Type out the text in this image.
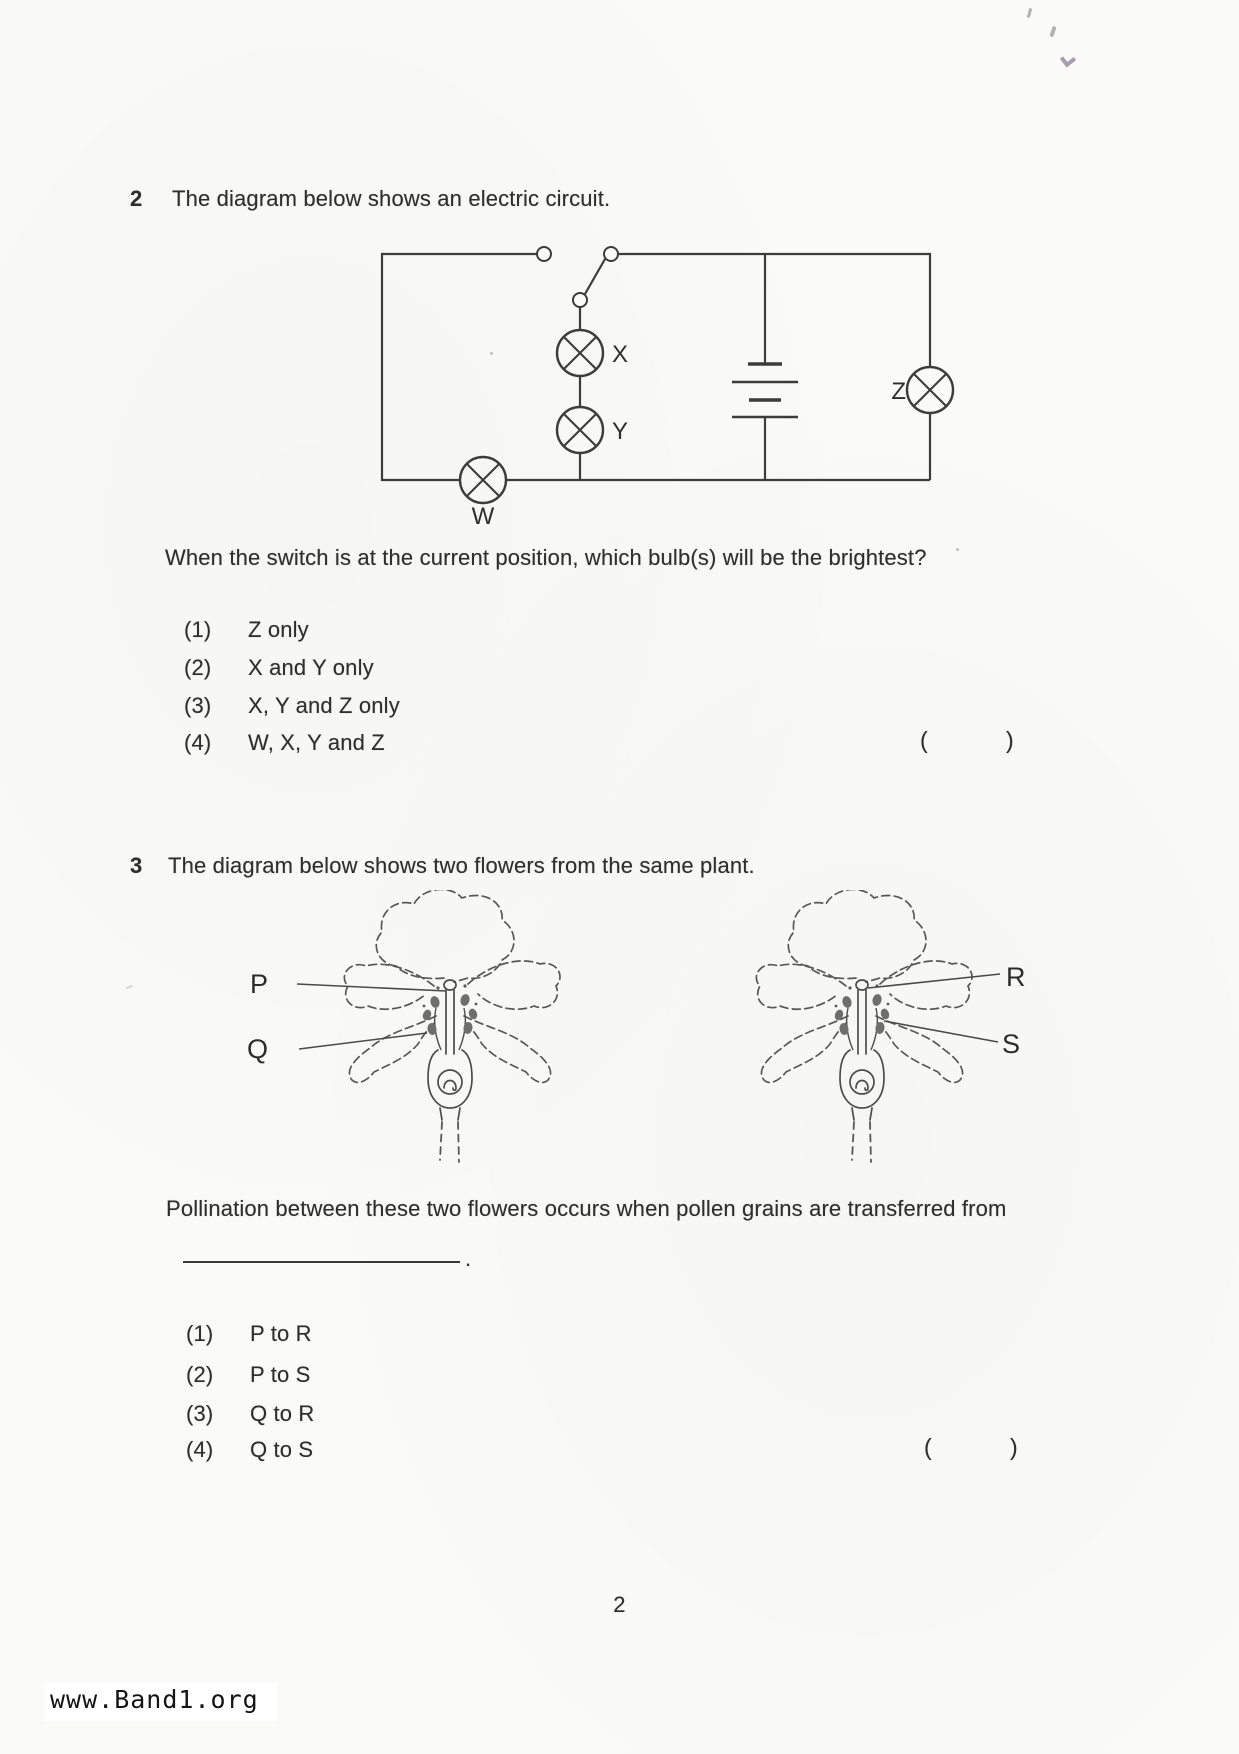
2 The diagram below shows an electric circuit.
X
Y
W
Z
When the switch is at the current position, which bulb(s) will be the brightest?
(1) Z only
(2) X and Y only
(3) X, Y and Z only
(4) W, X, Y and Z	(	)
3 The diagram below shows two flowers from the same plant.
P
Q
R
S
Pollination between these two flowers occurs when pollen grains are transferred from
.
(1) P to R
(2) P to S
(3) Q to R
(4) Q to S	(	)
2
www.Band1.org
